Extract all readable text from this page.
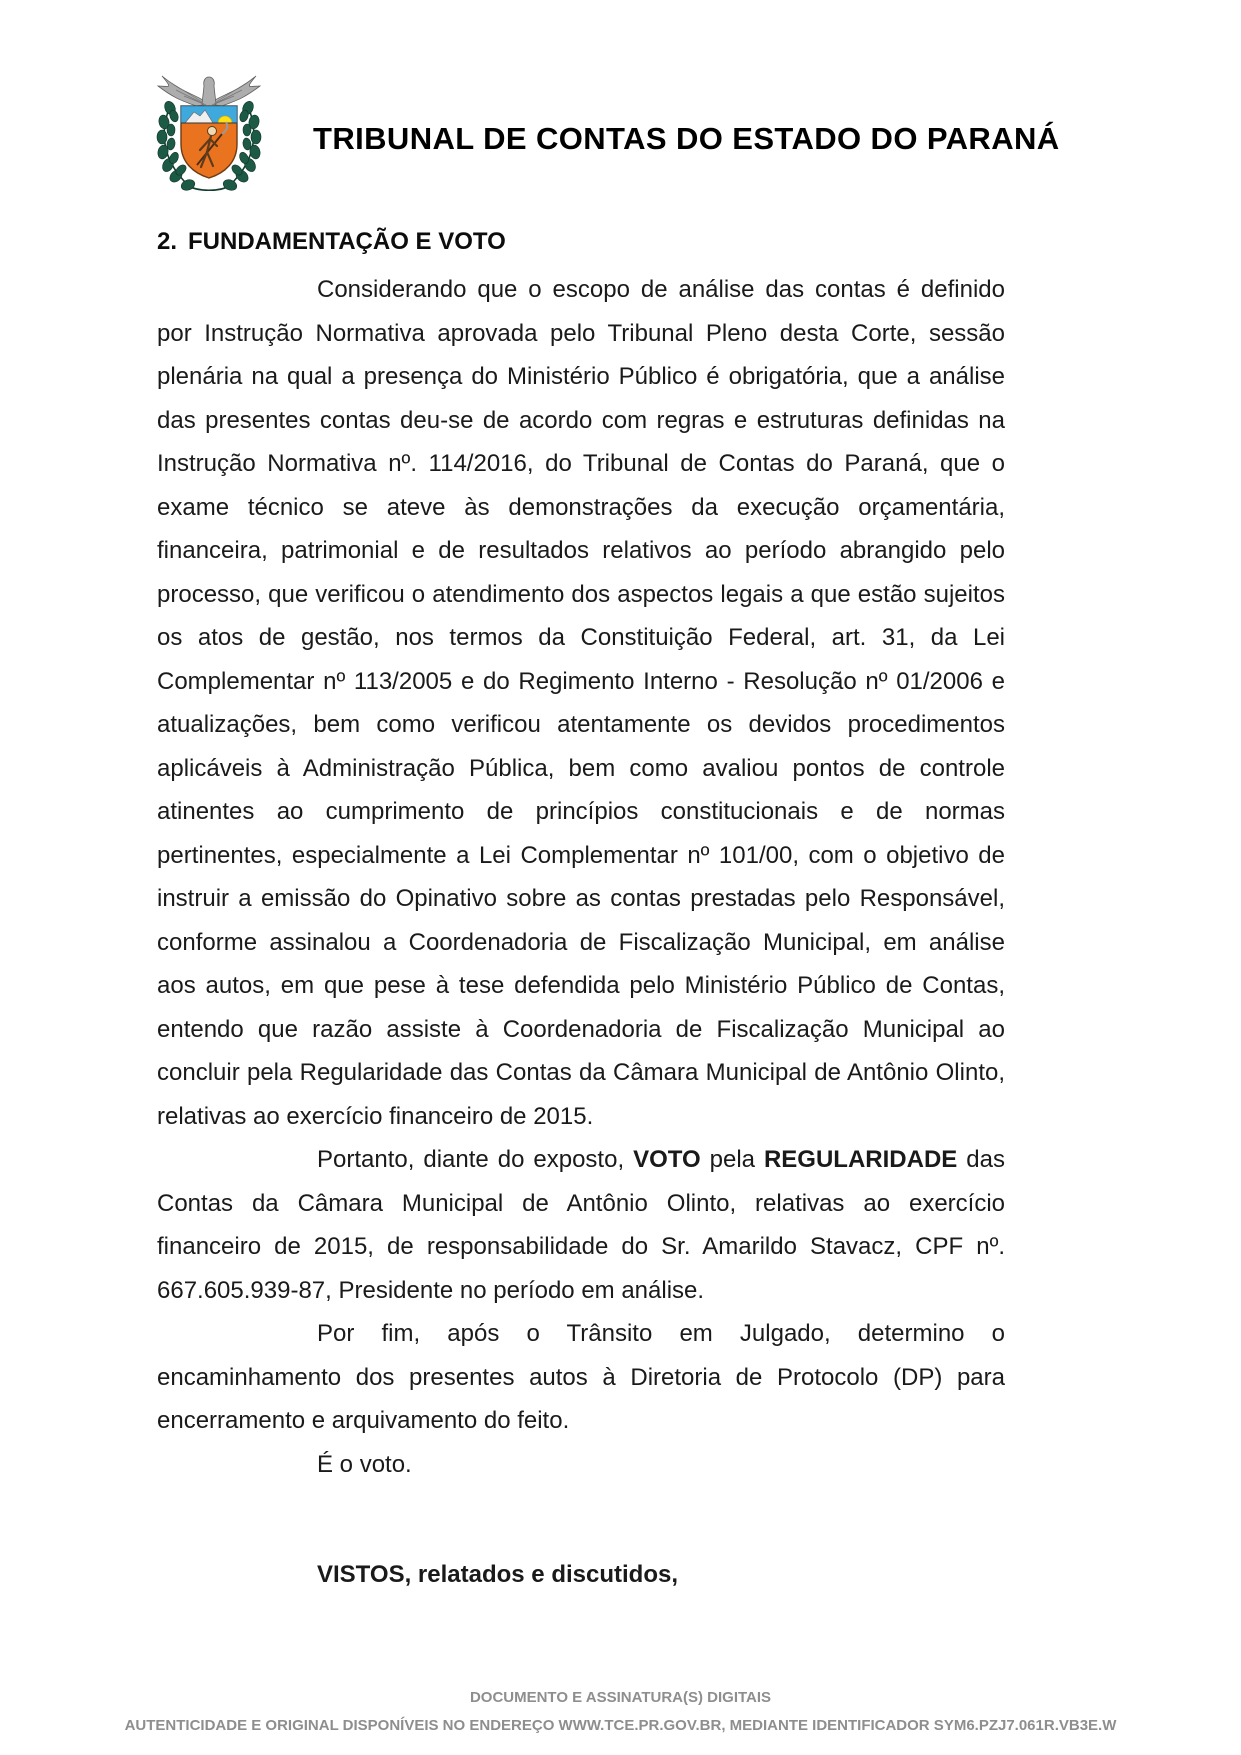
TRIBUNAL DE CONTAS DO ESTADO DO PARANÁ
2. FUNDAMENTAÇÃO E VOTO

Considerando que o escopo de análise das contas é definido por Instrução Normativa aprovada pelo Tribunal Pleno desta Corte, sessão plenária na qual a presença do Ministério Público é obrigatória, que a análise das presentes contas deu-se de acordo com regras e estruturas definidas na Instrução Normativa nº. 114/2016, do Tribunal de Contas do Paraná, que o exame técnico se ateve às demonstrações da execução orçamentária, financeira, patrimonial e de resultados relativos ao período abrangido pelo processo, que verificou o atendimento dos aspectos legais a que estão sujeitos os atos de gestão, nos termos da Constituição Federal, art. 31, da Lei Complementar nº 113/2005 e do Regimento Interno - Resolução nº 01/2006 e atualizações, bem como verificou atentamente os devidos procedimentos aplicáveis à Administração Pública, bem como avaliou pontos de controle atinentes ao cumprimento de princípios constitucionais e de normas pertinentes, especialmente a Lei Complementar nº 101/00, com o objetivo de instruir a emissão do Opinativo sobre as contas prestadas pelo Responsável, conforme assinalou a Coordenadoria de Fiscalização Municipal, em análise aos autos, em que pese à tese defendida pelo Ministério Público de Contas, entendo que razão assiste à Coordenadoria de Fiscalização Municipal ao concluir pela Regularidade das Contas da Câmara Municipal de Antônio Olinto, relativas ao exercício financeiro de 2015.

Portanto, diante do exposto, VOTO pela REGULARIDADE das Contas da Câmara Municipal de Antônio Olinto, relativas ao exercício financeiro de 2015, de responsabilidade do Sr. Amarildo Stavacz, CPF nº. 667.605.939-87, Presidente no período em análise.

Por fim, após o Trânsito em Julgado, determino o encaminhamento dos presentes autos à Diretoria de Protocolo (DP) para encerramento e arquivamento do feito.

É o voto.

VISTOS, relatados e discutidos,

DOCUMENTO E ASSINATURA(S) DIGITAIS
AUTENTICIDADE E ORIGINAL DISPONÍVEIS NO ENDEREÇO WWW.TCE.PR.GOV.BR, MEDIANTE IDENTIFICADOR SYM6.PZJ7.061R.VB3E.W
